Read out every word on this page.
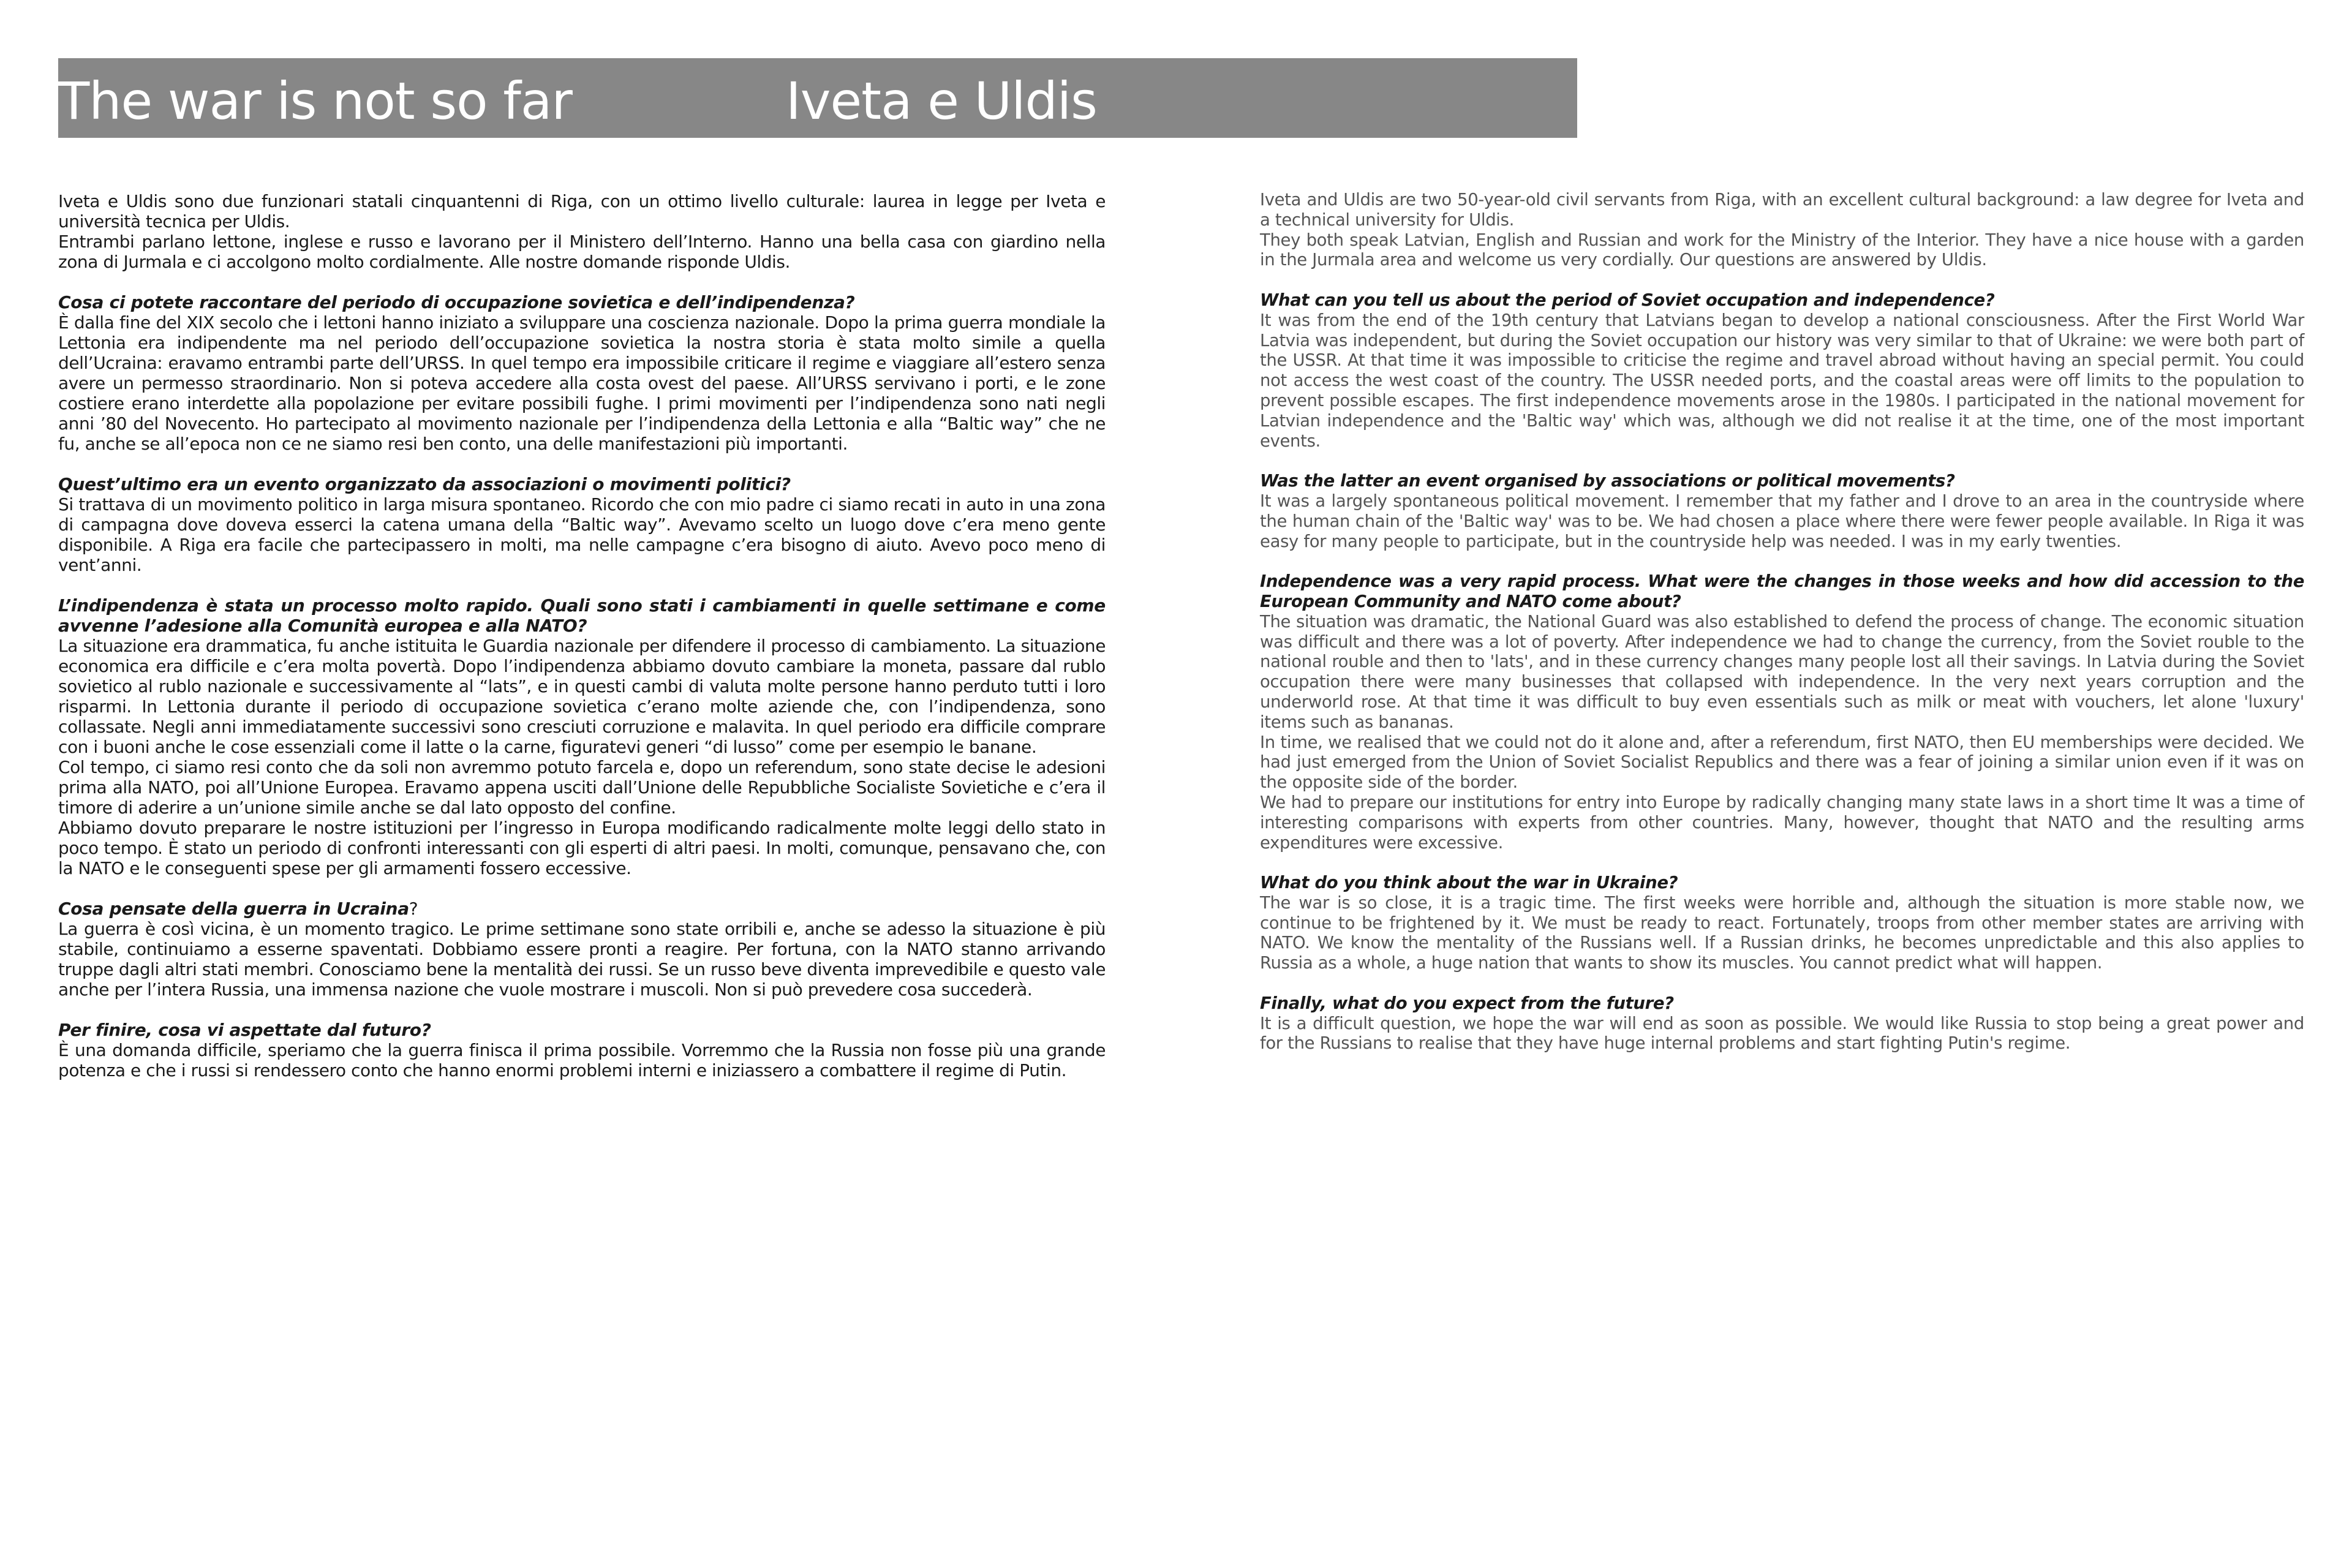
The war is not so far	Iveta e Uldis
Iveta e Uldis sono due funzionari statali cinquantenni di Riga, con un ottimo livello culturale: laurea in legge per Iveta e università tecnica per Uldis.
Entrambi parlano lettone, inglese e russo e lavorano per il Ministero dell’Interno. Hanno una bella casa con giardino nella zona di Jurmala e ci accolgono molto cordialmente. Alle nostre domande risponde Uldis.
Cosa ci potete raccontare del periodo di occupazione sovietica e dell’indipendenza?
È dalla fine del XIX secolo che i lettoni hanno iniziato a sviluppare una coscienza nazionale. Dopo la prima guerra mondiale la Lettonia era indipendente ma nel periodo dell’occupazione sovietica la nostra storia è stata molto simile a quella dell’Ucraina: eravamo entrambi parte dell’URSS. In quel tempo era impossibile criticare il regime e viaggiare all’estero senza avere un permesso straordinario. Non si poteva accedere alla costa ovest del paese. All’URSS servivano i porti, e le zone costiere erano interdette alla popolazione per evitare possibili fughe. I primi movimenti per l’indipendenza sono nati negli anni ’80 del Novecento. Ho partecipato al movimento nazionale per l’indipendenza della Lettonia e alla “Baltic way” che ne fu, anche se all’epoca non ce ne siamo resi ben conto, una delle manifestazioni più importanti.
Quest’ultimo era un evento organizzato da associazioni o movimenti politici?
Si trattava di un movimento politico in larga misura spontaneo. Ricordo che con mio padre ci siamo recati in auto in una zona di campagna dove doveva esserci la catena umana della “Baltic way”. Avevamo scelto un luogo dove c’era meno gente disponibile. A Riga era facile che partecipassero in molti, ma nelle campagne c’era bisogno di aiuto. Avevo poco meno di vent’anni.
L’indipendenza è stata un processo molto rapido. Quali sono stati i cambiamenti in quelle settimane e come avvenne l’adesione alla Comunità europea e alla NATO?
La situazione era drammatica, fu anche istituita le Guardia nazionale per difendere il processo di cambiamento. La situazione economica era difficile e c’era molta povertà. Dopo l’indipendenza abbiamo dovuto cambiare la moneta, passare dal rublo sovietico al rublo nazionale e successivamente al “lats”, e in questi cambi di valuta molte persone hanno perduto tutti i loro risparmi. In Lettonia durante il periodo di occupazione sovietica c’erano molte aziende che, con l’indipendenza, sono collassate. Negli anni immediatamente successivi sono cresciuti corruzione e malavita. In quel periodo era difficile comprare con i buoni anche le cose essenziali come il latte o la carne, figuratevi generi “di lusso” come per esempio le banane.
Col tempo, ci siamo resi conto che da soli non avremmo potuto farcela e, dopo un referendum, sono state decise le adesioni prima alla NATO, poi all’Unione Europea. Eravamo appena usciti dall’Unione delle Repubbliche Socialiste Sovietiche e c’era il timore di aderire a un’unione simile anche se dal lato opposto del confine.
Abbiamo dovuto preparare le nostre istituzioni per l’ingresso in Europa modificando radicalmente molte leggi dello stato in poco tempo. È stato un periodo di confronti interessanti con gli esperti di altri paesi. In molti, comunque, pensavano che, con la NATO e le conseguenti spese per gli armamenti fossero eccessive.
Cosa pensate della guerra in Ucraina?
La guerra è così vicina, è un momento tragico. Le prime settimane sono state orribili e, anche se adesso la situazione è più stabile, continuiamo a esserne spaventati. Dobbiamo essere pronti a reagire. Per fortuna, con la NATO stanno arrivando truppe dagli altri stati membri. Conosciamo bene la mentalità dei russi. Se un russo beve diventa imprevedibile e questo vale anche per l’intera Russia, una immensa nazione che vuole mostrare i muscoli. Non si può prevedere cosa succederà.
Per finire, cosa vi aspettate dal futuro?
È una domanda difficile, speriamo che la guerra finisca il prima possibile. Vorremmo che la Russia non fosse più una grande potenza e che i russi si rendessero conto che hanno enormi problemi interni e iniziassero a combattere il regime di Putin.
Iveta and Uldis are two 50-year-old civil servants from Riga, with an excellent cultural background: a law degree for Iveta and a technical university for Uldis.
They both speak Latvian, English and Russian and work for the Ministry of the Interior. They have a nice house with a garden in the Jurmala area and welcome us very cordially. Our questions are answered by Uldis.
What can you tell us about the period of Soviet occupation and independence?
It was from the end of the 19th century that Latvians began to develop a national consciousness. After the First World War Latvia was independent, but during the Soviet occupation our history was very similar to that of Ukraine: we were both part of the USSR. At that time it was impossible to criticise the regime and travel abroad without having an special permit. You could not access the west coast of the country. The USSR needed ports, and the coastal areas were off limits to the population to prevent possible escapes. The first independence movements arose in the 1980s. I participated in the national movement for Latvian independence and the 'Baltic way' which was, although we did not realise it at the time, one of the most important events.
Was the latter an event organised by associations or political movements?
It was a largely spontaneous political movement. I remember that my father and I drove to an area in the countryside where the human chain of the 'Baltic way' was to be. We had chosen a place where there were fewer people available. In Riga it was easy for many people to participate, but in the countryside help was needed. I was in my early twenties.
Independence was a very rapid process. What were the changes in those weeks and how did accession to the European Community and NATO come about?
The situation was dramatic, the National Guard was also established to defend the process of change. The economic situation was difficult and there was a lot of poverty. After independence we had to change the currency, from the Soviet rouble to the national rouble and then to 'lats', and in these currency changes many people lost all their savings. In Latvia during the Soviet occupation there were many businesses that collapsed with independence. In the very next years corruption and the underworld rose. At that time it was difficult to buy even essentials such as milk or meat with vouchers, let alone 'luxury' items such as bananas.
In time, we realised that we could not do it alone and, after a referendum, first NATO, then EU memberships were decided. We had just emerged from the Union of Soviet Socialist Republics and there was a fear of joining a similar union even if it was on the opposite side of the border.
We had to prepare our institutions for entry into Europe by radically changing many state laws in a short time It was a time of interesting comparisons with experts from other countries. Many, however, thought that NATO and the resulting arms expenditures were excessive.
What do you think about the war in Ukraine?
The war is so close, it is a tragic time. The first weeks were horrible and, although the situation is more stable now, we continue to be frightened by it. We must be ready to react. Fortunately, troops from other member states are arriving with NATO. We know the mentality of the Russians well. If a Russian drinks, he becomes unpredictable and this also applies to Russia as a whole, a huge nation that wants to show its muscles. You cannot predict what will happen.
Finally, what do you expect from the future?
It is a difficult question, we hope the war will end as soon as possible. We would like Russia to stop being a great power and for the Russians to realise that they have huge internal problems and start fighting Putin's regime.
